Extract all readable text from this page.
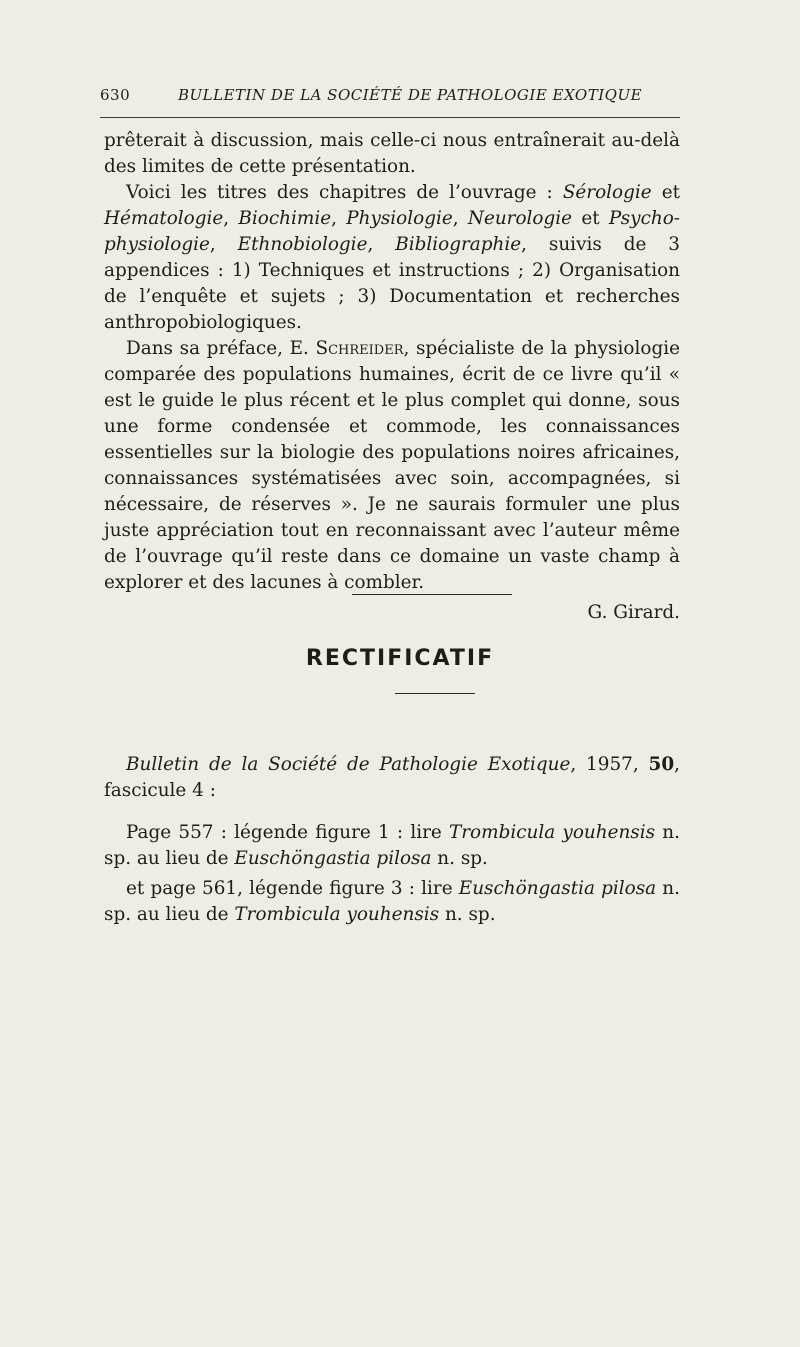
630	BULLETIN DE LA SOCIÉTÉ DE PATHOLOGIE EXOTIQUE

prêterait à discussion, mais celle-ci nous entraînerait au-delà des limites de cette présentation.

Voici les titres des chapitres de l’ouvrage : Sérologie et Hématologie, Biochimie, Physiologie, Neurologie et Psycho-physiologie, Ethnobiologie, Bibliographie, suivis de 3 appendices : 1) Techniques et instructions ; 2) Organisation de l’enquête et sujets ; 3) Documentation et recherches anthropobiologiques.

Dans sa préface, E. Schreider, spécialiste de la physiologie comparée des populations humaines, écrit de ce livre qu’il « est le guide le plus récent et le plus complet qui donne, sous une forme condensée et commode, les connaissances essentielles sur la biologie des populations noires africaines, connaissances systématisées avec soin, accompagnées, si nécessaire, de réserves ». Je ne saurais formuler une plus juste appréciation tout en reconnaissant avec l’auteur même de l’ouvrage qu’il reste dans ce domaine un vaste champ à explorer et des lacunes à combler.

G. Girard.

RECTIFICATIF

Bulletin de la Société de Pathologie Exotique, 1957, 50, fascicule 4 :

Page 557 : légende figure 1 : lire Trombicula youhensis n. sp. au lieu de Euschöngastia pilosa n. sp.

et page 561, légende figure 3 : lire Euschöngastia pilosa n. sp. au lieu de Trombicula youhensis n. sp.
